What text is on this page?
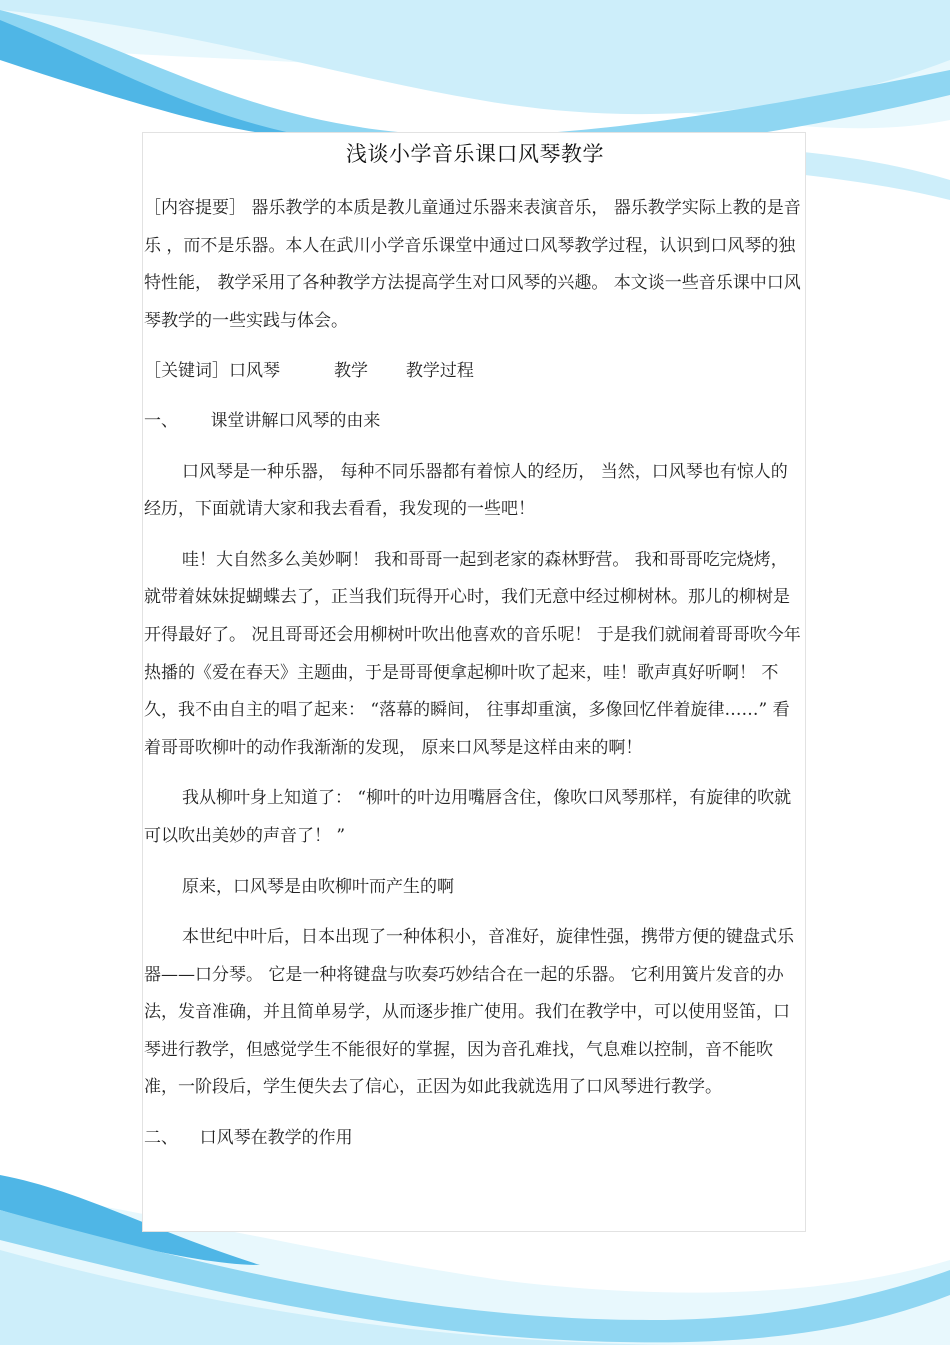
浅谈小学音乐课口风琴教学

［内容提要］ 器乐教学的本质是教儿童通过乐器来表演音乐， 器乐教学实际上教的是音乐 ，而不是乐器。本人在武川小学音乐课堂中通过口风琴教学过程，认识到口风琴的独特性能， 教学采用了各种教学方法提高学生对口风琴的兴趣。 本文谈一些音乐课中口风琴教学的一些实践与体会。

［关键词］口风琴	教学 教学过程

一、 课堂讲解口风琴的由来

口风琴是一种乐器， 每种不同乐器都有着惊人的经历， 当然，口风琴也有惊人的经历，下面就请大家和我去看看，我发现的一些吧！

哇！大自然多么美妙啊！ 我和哥哥一起到老家的森林野营。 我和哥哥吃完烧烤，就带着妹妹捉蝴蝶去了，正当我们玩得开心时，我们无意中经过柳树林。那儿的柳树是开得最好了。 况且哥哥还会用柳树叶吹出他喜欢的音乐呢！ 于是我们就闹着哥哥吹今年热播的《爱在春天》主题曲，于是哥哥便拿起柳叶吹了起来，哇！歌声真好听啊！ 不久，我不由自主的唱了起来： “落幕的瞬间， 往事却重演，多像回忆伴着旋律……” 看着哥哥吹柳叶的动作我渐渐的发现， 原来口风琴是这样由来的啊！

我从柳叶身上知道了： “柳叶的叶边用嘴唇含住，像吹口风琴那样，有旋律的吹就可以吹出美妙的声音了！ ”

原来，口风琴是由吹柳叶而产生的啊

本世纪中叶后，日本出现了一种体积小，音准好，旋律性强，携带方便的键盘式乐器——口分琴。 它是一种将键盘与吹奏巧妙结合在一起的乐器。 它利用簧片发音的办法，发音准确，并且简单易学，从而逐步推广使用。我们在教学中，可以使用竖笛，口琴进行教学，但感觉学生不能很好的掌握，因为音孔难找，气息难以控制，音不能吹准，一阶段后，学生便失去了信心，正因为如此我就选用了口风琴进行教学。

二、 口风琴在教学的作用
